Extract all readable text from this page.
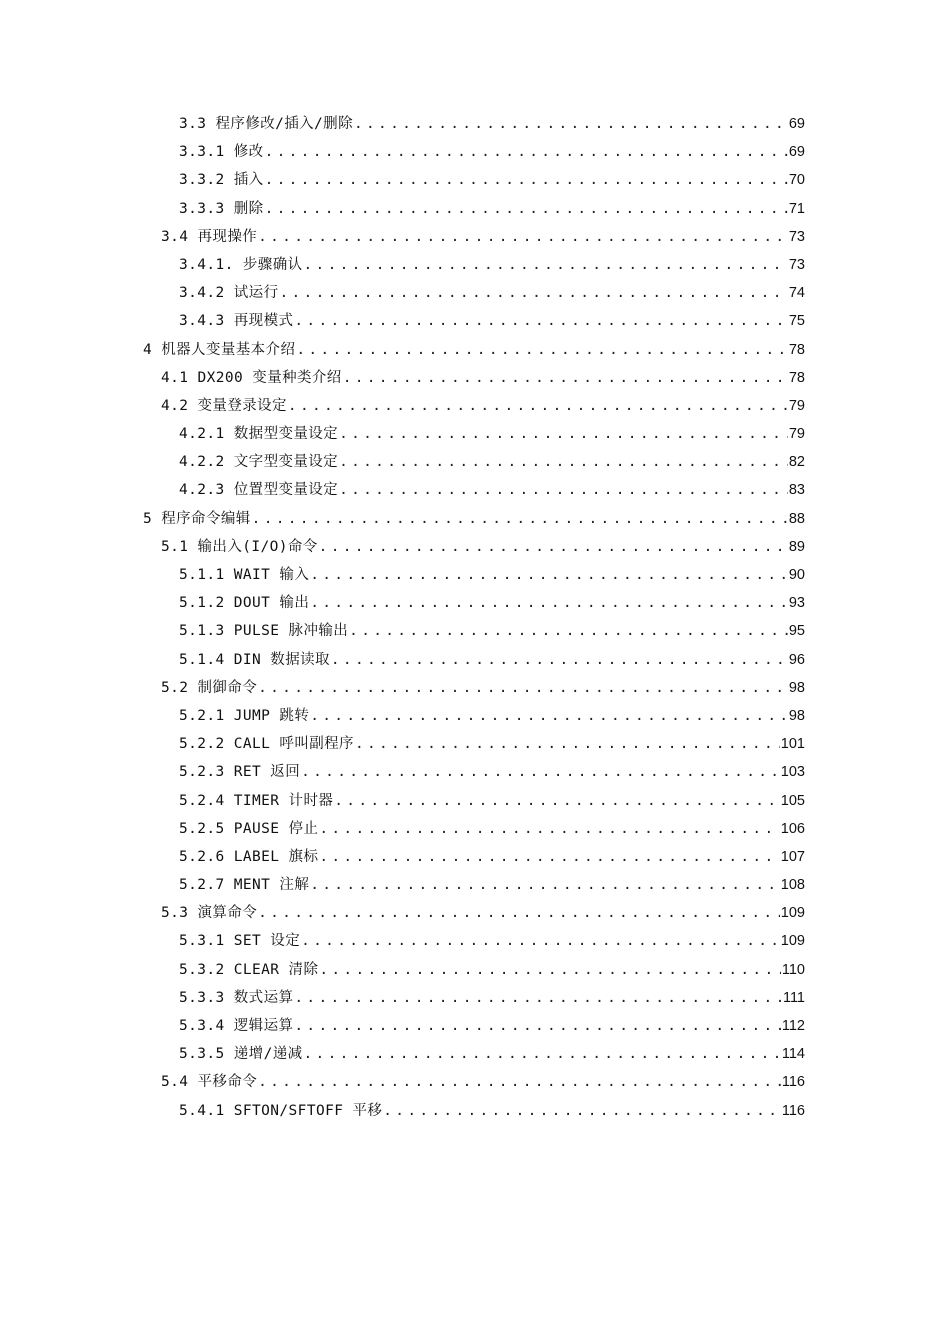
3.3 程序修改/插入/删除 .....	69
3.3.1 修改 .....	69
3.3.2 插入 .....	70
3.3.3 删除 .....	71
3.4 再现操作 .....	73
3.4.1. 步骤确认 .....	73
3.4.2 试运行 .....	74
3.4.3 再现模式 .....	75
4 机器人变量基本介绍 .....	78
4.1 DX200 变量种类介绍 .....	78
4.2 变量登录设定 .....	79
4.2.1 数据型变量设定 .....	79
4.2.2 文字型变量设定 .....	82
4.2.3 位置型变量设定 .....	83
5 程序命令编辑 .....	88
5.1 输出入(I/O)命令 .....	89
5.1.1 WAIT 输入 .....	90
5.1.2 DOUT 输出 .....	93
5.1.3 PULSE 脉冲输出 .....	95
5.1.4 DIN 数据读取 .....	96
5.2 制御命令 .....	98
5.2.1 JUMP 跳转 .....	98
5.2.2 CALL 呼叫副程序 .....	101
5.2.3 RET 返回 .....	103
5.2.4 TIMER 计时器 .....	105
5.2.5 PAUSE 停止 .....	106
5.2.6 LABEL 旗标 .....	107
5.2.7 MENT 注解 .....	108
5.3 演算命令 .....	109
5.3.1 SET 设定 .....	109
5.3.2 CLEAR 清除 .....	110
5.3.3 数式运算 .....	111
5.3.4 逻辑运算 .....	112
5.3.5 递增/递减 .....	114
5.4 平移命令 .....	116
5.4.1 SFTON/SFTOFF 平移 .....	116
